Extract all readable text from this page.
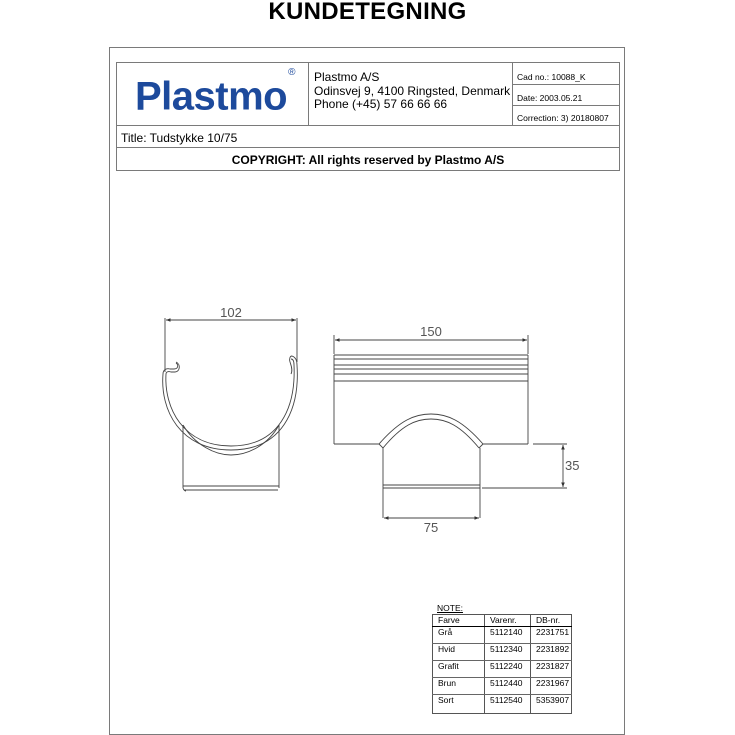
KUNDETEGNING
Plastmo® Plastmo A/S
Odinsvej 9, 4100 Ringsted, Denmark
Phone (+45) 57 66 66 66
Cad no.: 10088_K
Date: 2003.05.21
Correction: 3) 20180807
Title: Tudstykke 10/75
COPYRIGHT: All rights reserved by Plastmo A/S
102
150
75
35
NOTE:
Farve	Varenr.	DB-nr.
Grå	5112140	2231751
Hvid	5112340	2231892
Grafit	5112240	2231827
Brun	5112440	2231967
Sort	5112540	5353907
